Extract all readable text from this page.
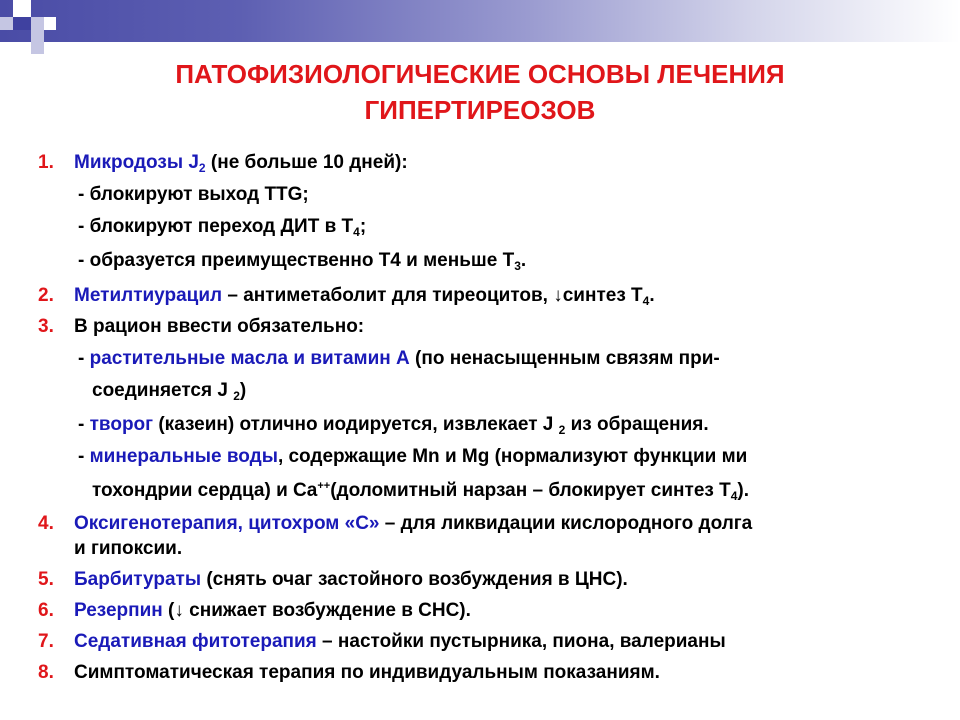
ПАТОФИЗИОЛОГИЧЕСКИЕ ОСНОВЫ ЛЕЧЕНИЯ
ГИПЕРТИРЕОЗОВ
1. Микродозы $J_2$ (не больше 10 дней):
- блокируют выход TTG;
- блокируют переход ДИТ в $Т_4$;
- образуется преимущественно Т4 и меньше $Т_3$.
2. Метилтиурацил – антиметаболит для тиреоцитов, ↓синтез $Т_4$.
3. В рацион ввести обязательно:
- растительные масла и витамин А (по ненасыщенным связям при-
соединяется J $_2$)
- творог (казеин) отлично иодируется, извлекает J $_2$ из обращения.
- минеральные воды, содержащие Mn и Mg (нормализуют функции ми
тохондрии сердца) и Ca++(доломитный нарзан – блокирует синтез $Т_4$).
4. Оксигенотерапия, цитохром «С» – для ликвидации кислородного долга
и гипоксии.
5. Барбитураты (снять очаг застойного возбуждения в ЦНС).
6. Резерпин (↓ снижает возбуждение в СНС).
7. Седативная фитотерапия – настойки пустырника, пиона, валерианы
8. Симптоматическая терапия по индивидуальным показаниям.
